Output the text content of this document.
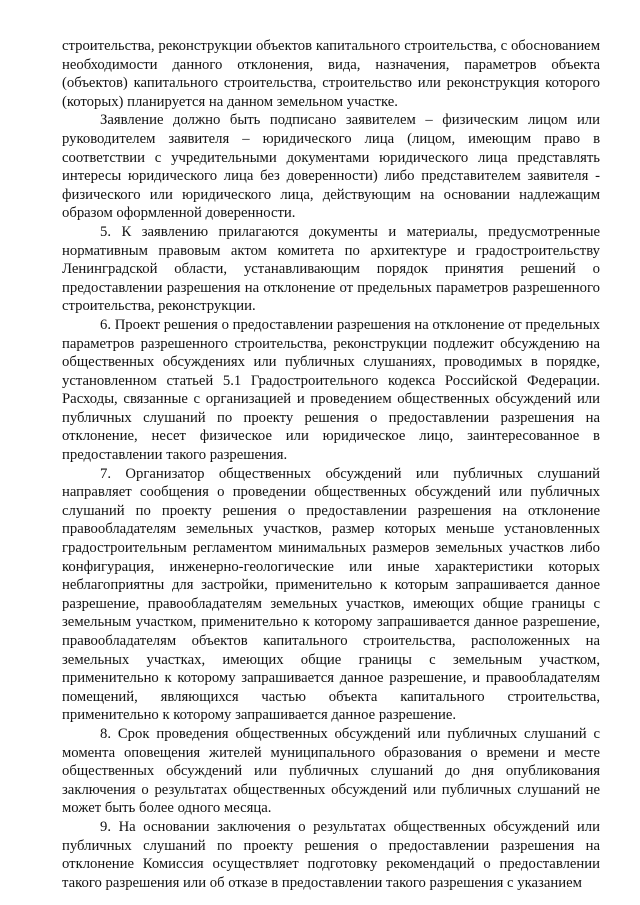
строительства, реконструкции объектов капитального строительства, с обоснованием необходимости данного отклонения, вида, назначения, параметров объекта (объектов) капитального строительства, строительство или реконструкция которого (которых) планируется на данном земельном участке.

Заявление должно быть подписано заявителем – физическим лицом или руководителем заявителя – юридического лица (лицом, имеющим право в соответствии с учредительными документами юридического лица представлять интересы юридического лица без доверенности) либо представителем заявителя - физического или юридического лица, действующим на основании надлежащим образом оформленной доверенности.

5. К заявлению прилагаются документы и материалы, предусмотренные нормативным правовым актом комитета по архитектуре и градостроительству Ленинградской области, устанавливающим порядок принятия решений о предоставлении разрешения на отклонение от предельных параметров разрешенного строительства, реконструкции.

6. Проект решения о предоставлении разрешения на отклонение от предельных параметров разрешенного строительства, реконструкции подлежит обсуждению на общественных обсуждениях или публичных слушаниях, проводимых в порядке, установленном статьей 5.1 Градостроительного кодекса Российской Федерации. Расходы, связанные с организацией и проведением общественных обсуждений или публичных слушаний по проекту решения о предоставлении разрешения на отклонение, несет физическое или юридическое лицо, заинтересованное в предоставлении такого разрешения.

7. Организатор общественных обсуждений или публичных слушаний направляет сообщения о проведении общественных обсуждений или публичных слушаний по проекту решения о предоставлении разрешения на отклонение правообладателям земельных участков, размер которых меньше установленных градостроительным регламентом минимальных размеров земельных участков либо конфигурация, инженерно-геологические или иные характеристики которых неблагоприятны для застройки, применительно к которым запрашивается данное разрешение, правообладателям земельных участков, имеющих общие границы с земельным участком, применительно к которому запрашивается данное разрешение, правообладателям объектов капитального строительства, расположенных на земельных участках, имеющих общие границы с земельным участком, применительно к которому запрашивается данное разрешение, и правообладателям помещений, являющихся частью объекта капитального строительства, применительно к которому запрашивается данное разрешение.

8. Срок проведения общественных обсуждений или публичных слушаний с момента оповещения жителей муниципального образования о времени и месте общественных обсуждений или публичных слушаний до дня опубликования заключения о результатах общественных обсуждений или публичных слушаний не может быть более одного месяца.

9. На основании заключения о результатах общественных обсуждений или публичных слушаний по проекту решения о предоставлении разрешения на отклонение Комиссия осуществляет подготовку рекомендаций о предоставлении такого разрешения или об отказе в предоставлении такого разрешения с указанием
